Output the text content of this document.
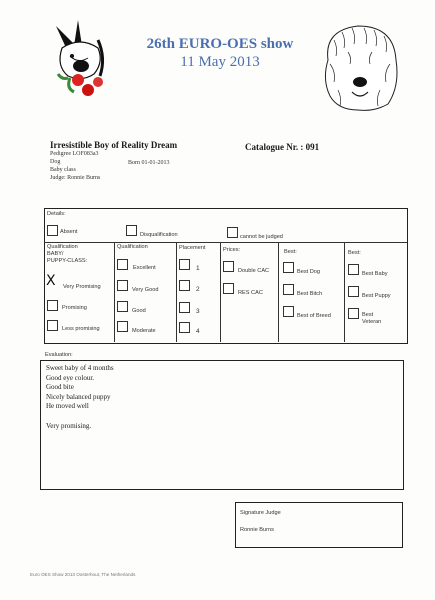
26th EURO-OES show
11 May 2013
Irresistible Boy of Reality Dream	Catalogue Nr. : 091
Pedigree LOF083a3
Dog	Born 01-01-2013
Baby class
Judge: Ronnie Burns
Details:
Absent	Disqualification	cannot be judged
Qualification
BABY/
PUPPY-CLASS:
X Very Promising
Promising
Less promising
Qualification
Excellent
Very Good
Good
Moderate
Placement
1
2
3
4
Prices:
Double CAC
RES CAC
Best:
Best Dog
Best Bitch
Best of Breed
Best:
Best Baby
Best Puppy
Best
Veteran
Evaluation:
Sweet baby of 4 months
Good eye colour.
Good bite
Nicely balanced puppy
He moved well
Very promising.
Signature Judge
Ronnie Burns
Euro OES Show 2013 Oosterhout, The Netherlands
